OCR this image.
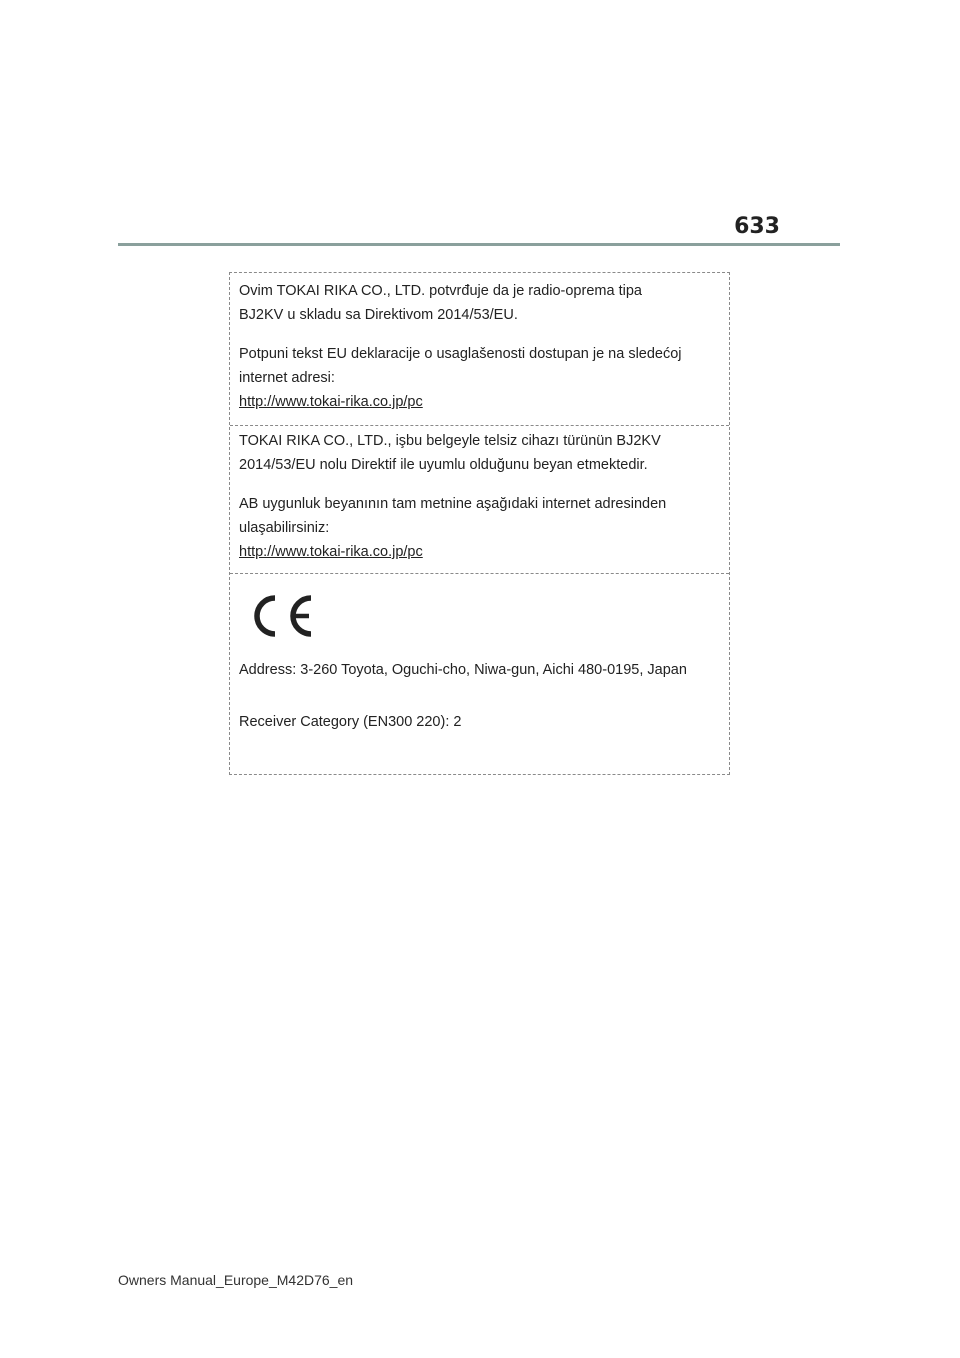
633

Ovim TOKAI RIKA CO., LTD. potvrđuje da je radio-oprema tipa
BJ2KV u skladu sa Direktivom 2014/53/EU.

Potpuni tekst EU deklaracije o usaglašenosti dostupan je na sledećoj
internet adresi:
http://www.tokai-rika.co.jp/pc

TOKAI RIKA CO., LTD., işbu belgeyle telsiz cihazı türünün BJ2KV
2014/53/EU nolu Direktif ile uyumlu olduğunu beyan etmektedir.

AB uygunluk beyanının tam metnine aşağıdaki internet adresinden
ulaşabilirsiniz:
http://www.tokai-rika.co.jp/pc

Address: 3-260 Toyota, Oguchi-cho, Niwa-gun, Aichi 480-0195, Japan

Receiver Category (EN300 220): 2

Owners Manual_Europe_M42D76_en
